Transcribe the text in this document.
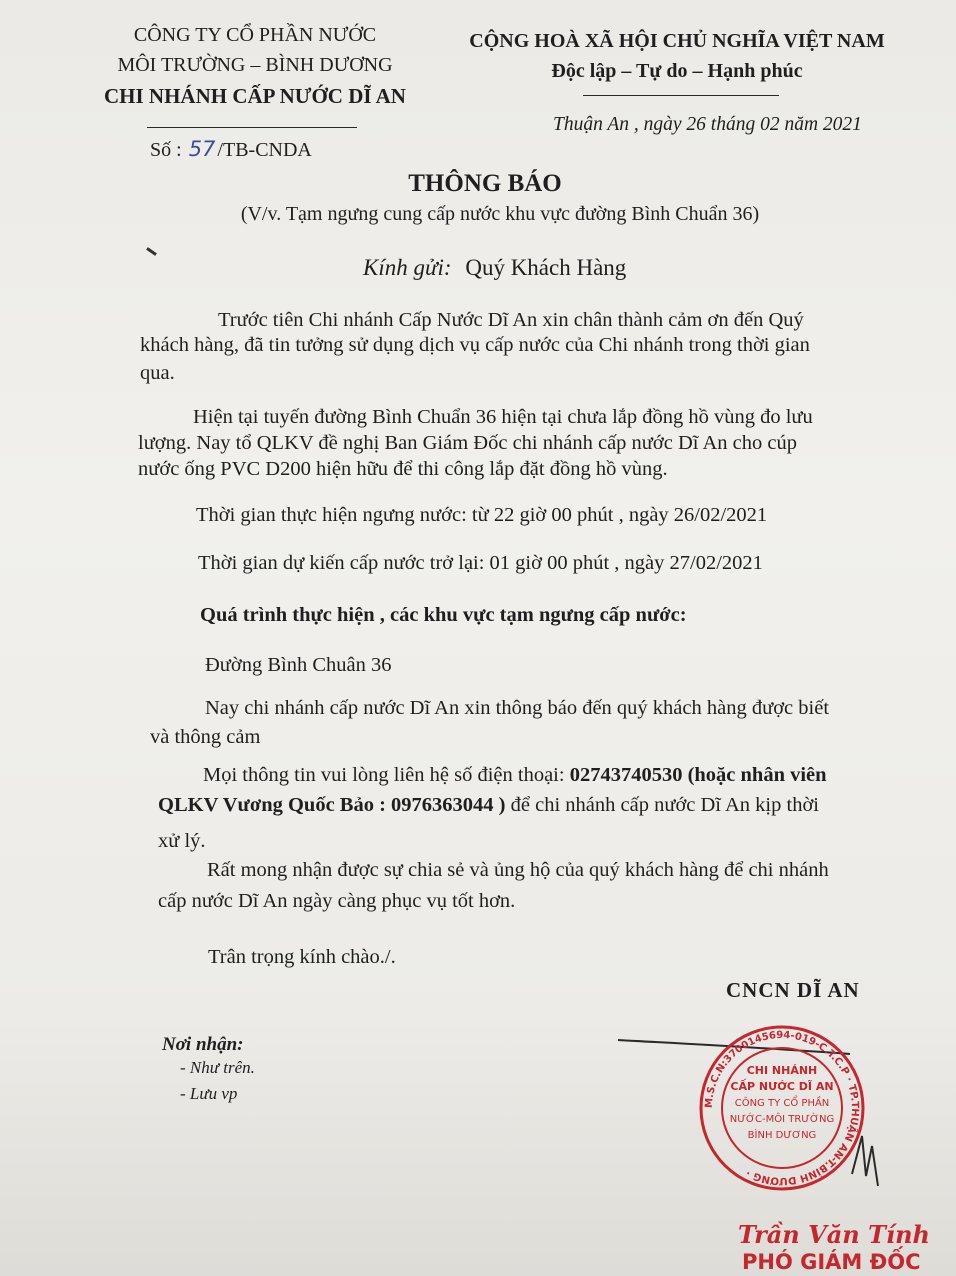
CÔNG TY CỔ PHẦN NƯỚC
MÔI TRƯỜNG – BÌNH DƯƠNG
CHI NHÁNH CẤP NƯỚC DĨ AN
Số : 57 /TB-CNDA
CỘNG HOÀ XÃ HỘI CHỦ NGHĨA VIỆT NAM
Độc lập – Tự do – Hạnh phúc
Thuận An , ngày 26 tháng 02 năm 2021
THÔNG BÁO
(V/v. Tạm ngưng cung cấp nước khu vực đường Bình Chuẩn 36)
Kính gửi: Quý Khách Hàng
Trước tiên Chi nhánh Cấp Nước Dĩ An xin chân thành cảm ơn đến Quý
khách hàng, đã tin tưởng sử dụng dịch vụ cấp nước của Chi nhánh trong thời gian
qua.
Hiện tại tuyến đường Bình Chuẩn 36 hiện tại chưa lắp đồng hồ vùng đo lưu
lượng. Nay tổ QLKV đề nghị Ban Giám Đốc chi nhánh cấp nước Dĩ An cho cúp
nước ống PVC D200 hiện hữu để thi công lắp đặt đồng hồ vùng.
Thời gian thực hiện ngưng nước: từ 22 giờ 00 phút , ngày 26/02/2021
Thời gian dự kiến cấp nước trở lại: 01 giờ 00 phút , ngày 27/02/2021
Quá trình thực hiện , các khu vực tạm ngưng cấp nước:
Đường Bình Chuân 36
Nay chi nhánh cấp nước Dĩ An xin thông báo đến quý khách hàng được biết
và thông cảm
Mọi thông tin vui lòng liên hệ số điện thoại: 02743740530 (hoặc nhân viên
QLKV Vương Quốc Bảo : 0976363044 ) để chi nhánh cấp nước Dĩ An kịp thời
xử lý.
Rất mong nhận được sự chia sẻ và ủng hộ của quý khách hàng để chi nhánh
cấp nước Dĩ An ngày càng phục vụ tốt hơn.
Trân trọng kính chào./.
CNCN DĨ AN
Nơi nhận:
- Như trên.
- Lưu vp	M.S.C.N:3700145694-019-C.T.C.P · TP.THUẬN AN-T.BÌNH DƯƠNG ·
CHI NHÁNH
CẤP NƯỚC DĨ AN
CÔNG TY CỔ PHẦN
NƯỚC-MÔI TRƯỜNG
BÌNH DƯƠNG
Trần Văn Tính
PHÓ GIÁM ĐỐC
